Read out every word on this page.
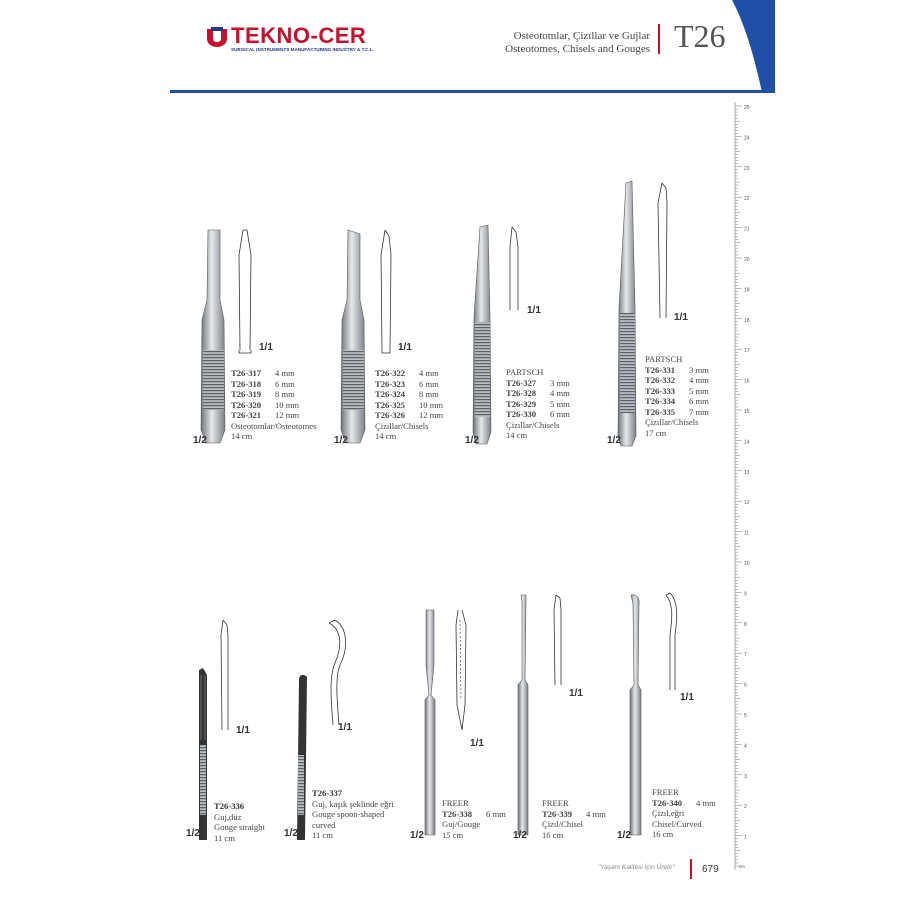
TEKNO-CER
SURGICAL INSTRUMENTS MANUFACTURING INDUSTRY & T.C.L.
Osteotomlar, Çizıllar ve Gujlar
Osteotomes, Chisels and Gouges T26
1/1
1/2
T26-317 4 mm
T26-318 6 mm
T26-319 8 mm
T26-320 10 mm
T26-321 12 mm
Osteotomlar/Osteotomes
14 cm
1/1
1/2
T26-322 4 mm
T26-323 6 mm
T26-324 8 mm
T26-325 10 mm
T26-326 12 mm
Çizıllar/Chisels
14 cm
1/1
1/2
PARTSCH
T26-327 3 mm
T26-328 4 mm
T26-329 5 mm
T26-330 6 mm
Çizıllar/Chisels
14 cm
1/1
1/2
PARTSCH
T26-331 3 mm
T26-332 4 mm
T26-333 5 mm
T26-334 6 mm
T26-335 7 mm
Çizıllar/Chisels
17 cm
1/1
1/2
T26-336
Guj,düz
Gouge straight
11 cm
1/1
1/2
T26-337
Guj, kaşık şeklinde eğri
Gouge spoon-shaped
curved
11 cm
1/1
1/2
FREER
T26-338 6 mm
Guj/Gouge
15 cm
1/1
1/2
FREER
T26-339 4 mm
Çizıl/Chisel
16 cm
1/1
1/2
FREER
T26-340 4 mm
Çizıl,eğri
Chisel/Curved
16 cm
25
24
23
22
21
20
19
18
17
16
15
14
13
12
11
10
9
8
7
6
5
4
3
2
1
cm
"Yaşam Kalitesi İçin Üretir"	679
